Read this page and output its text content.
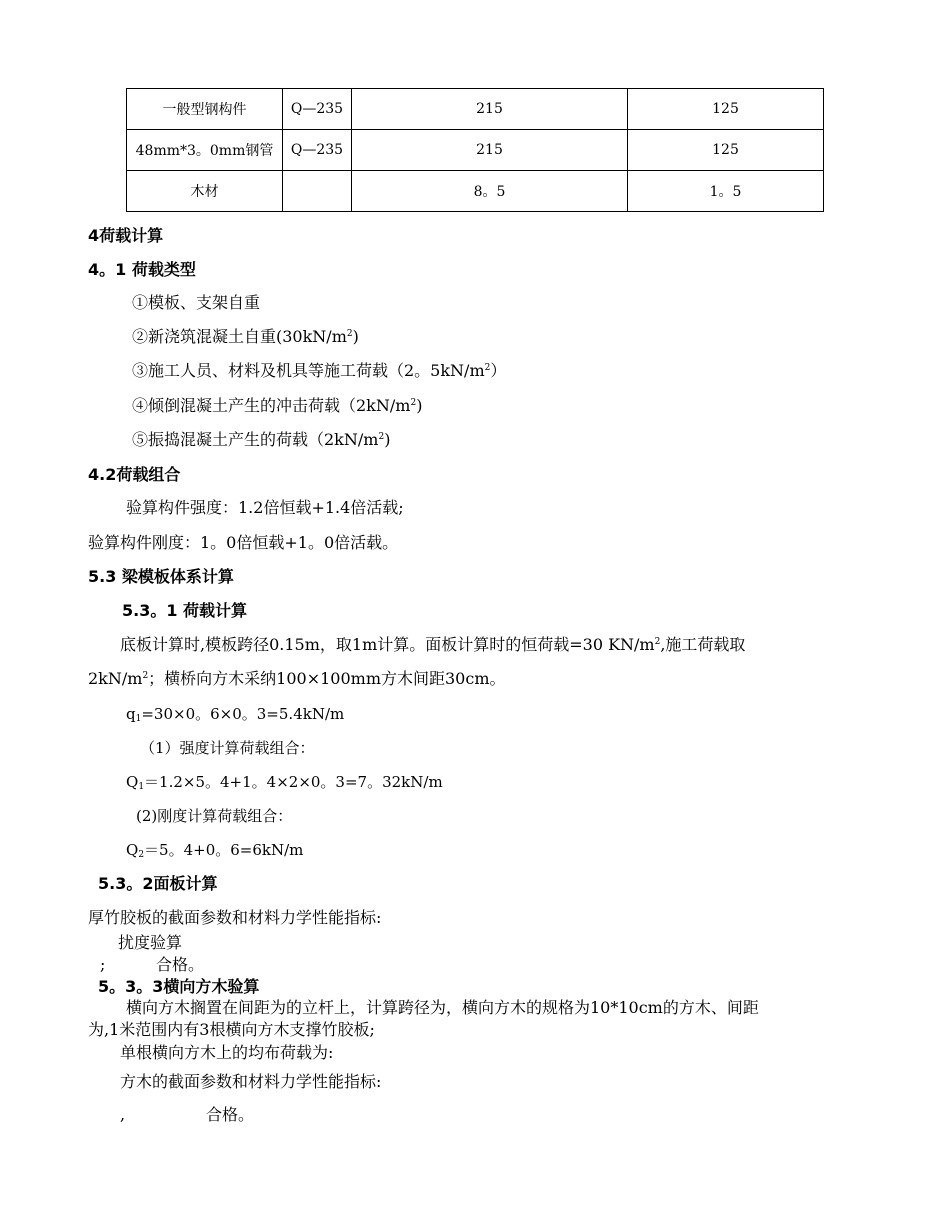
一般型钢构件	Q—235	215	125
48mm*3。0mm钢管	Q—235	215	125
木材		8。5	1。5
4荷载计算
4。1 荷载类型
①模板、支架自重
②新浇筑混凝土自重$(30kN/m^2)$
③施工人员、材料及机具等施工荷载（2。$5kN/m^2$）
④倾倒混凝土产生的冲击荷载$(2kN/m^2)$
⑤振捣混凝土产生的荷载$(2kN/m^2)$
4.2荷载组合
验算构件强度：1.2倍恒载+1.4倍活载;
验算构件刚度：1。0倍恒载+1。0倍活载。
5.3 梁模板体系计算
5.3。1 荷载计算
底板计算时,模板跨径0.15m，取1m计算。面板计算时的恒荷载=30 $KN/m^2$,施工荷载取
$2kN/m^2$；横桥向方木采纳100×100mm方木间距30cm。
$q_1=30\times 0$。6×0。3=5.4kN/m
（1）强度计算荷载组合：
$Q_1=1.2\times 5$。4+1。4×2×0。3=7。32kN/m
(2)刚度计算荷载组合：
$Q_2=5$。4+0。6=6kN/m
5.3。2面板计算
厚竹胶板的截面参数和材料力学性能指标:
扰度验算
;	合格。
5。3。3横向方木验算
横向方木搁置在间距为的立杆上，计算跨径为，横向方木的规格为10*10cm的方木、间距
为,1米范围内有3根横向方木支撑竹胶板;
单根横向方木上的均布荷载为:
方木的截面参数和材料力学性能指标:
,	合格。
